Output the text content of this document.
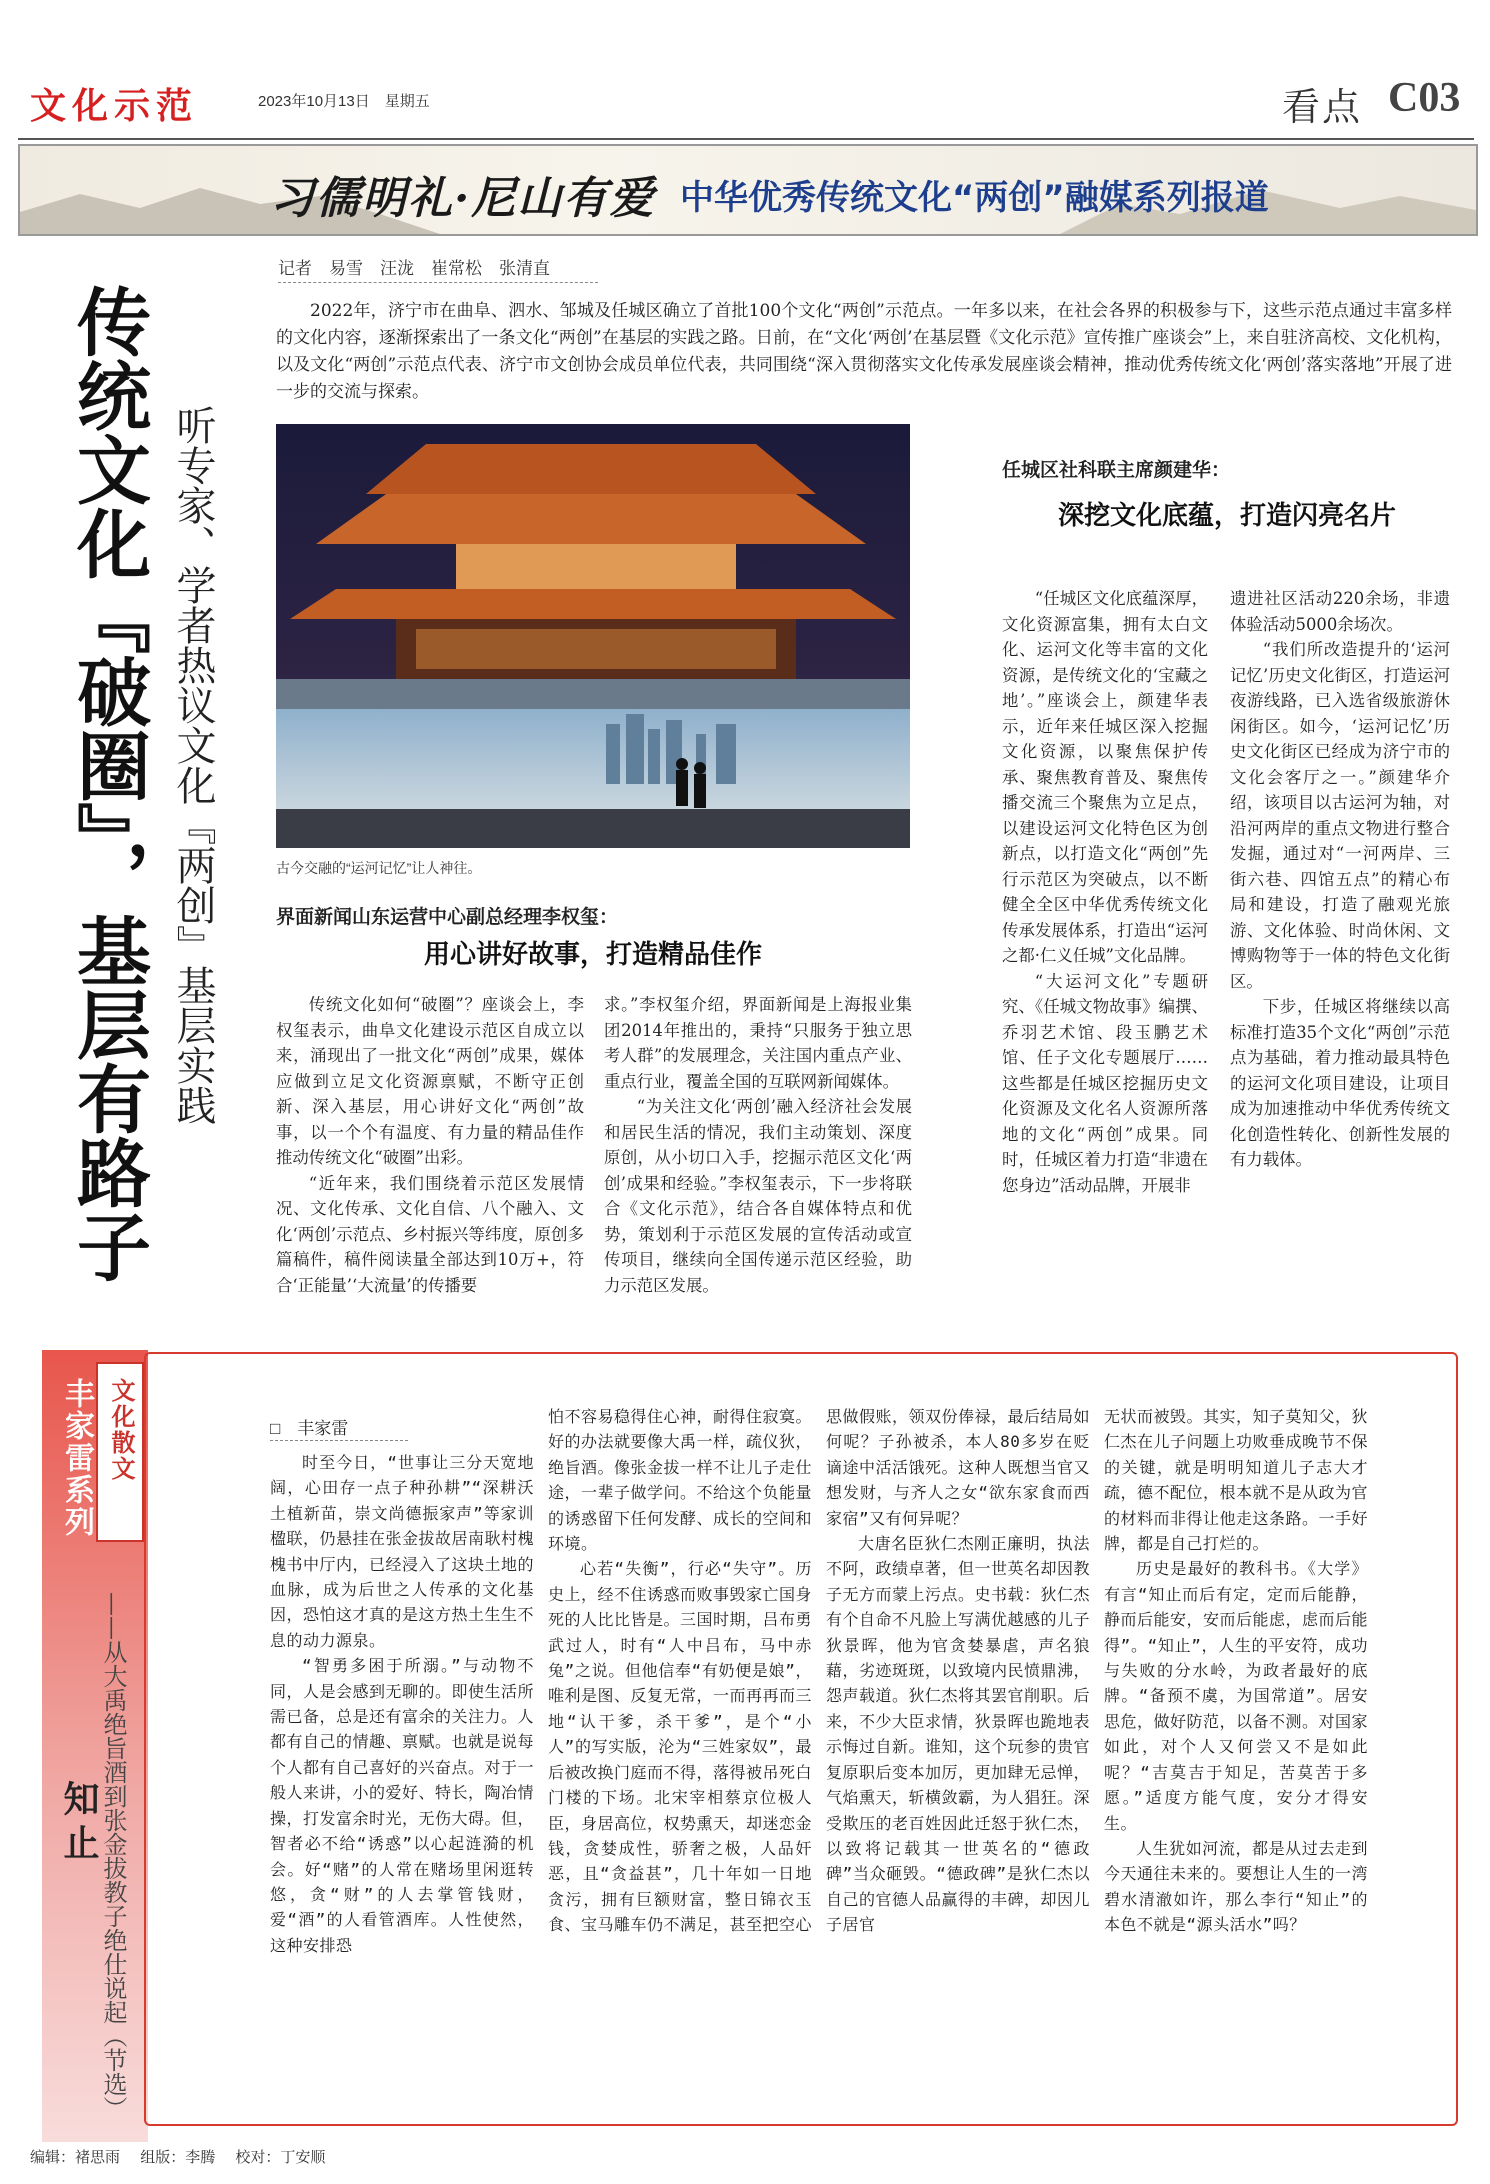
文化示范	2023年10月13日　星期五	看点 C03
习儒明礼·尼山有爱 中华优秀传统文化“两创”融媒系列报道
传统文化『破圈』，基层有路子 听专家、学者热议文化『两创』基层实践
记者　易雪　汪泷　崔常松　张清直
2022年，济宁市在曲阜、泗水、邹城及任城区确立了首批100个文化“两创”示范点。一年多以来，在社会各界的积极参与下，这些示范点通过丰富多样的文化内容，逐渐探索出了一条文化“两创”在基层的实践之路。日前，在“文化‘两创’在基层暨《文化示范》宣传推广座谈会”上，来自驻济高校、文化机构，以及文化“两创”示范点代表、济宁市文创协会成员单位代表，共同围绕“深入贯彻落实文化传承发展座谈会精神，推动优秀传统文化‘两创’落实落地”开展了进一步的交流与探索。
古今交融的“运河记忆”让人神往。
界面新闻山东运营中心副总经理李权玺：
用心讲好故事，打造精品佳作

传统文化如何“破圈”？座谈会上，李权玺表示，曲阜文化建设示范区自成立以来，涌现出了一批文化“两创”成果，媒体应做到立足文化资源禀赋，不断守正创新、深入基层，用心讲好文化“两创”故事，以一个个有温度、有力量的精品佳作推动传统文化“破圈”出彩。

“近年来，我们围绕着示范区发展情况、文化传承、文化自信、八个融入、文化‘两创’示范点、乡村振兴等纬度，原创多篇稿件，稿件阅读量全部达到10万+，符合‘正能量’‘大流量’的传播要

求。”李权玺介绍，界面新闻是上海报业集团2014年推出的，秉持“只服务于独立思考人群”的发展理念，关注国内重点产业、重点行业，覆盖全国的互联网新闻媒体。

“为关注文化‘两创’融入经济社会发展和居民生活的情况，我们主动策划、深度原创，从小切口入手，挖掘示范区文化‘两创’成果和经验。”李权玺表示，下一步将联合《文化示范》，结合各自媒体特点和优势，策划利于示范区发展的宣传活动或宣传项目，继续向全国传递示范区经验，助力示范区发展。

任城区社科联主席颜建华：
深挖文化底蕴，打造闪亮名片

“任城区文化底蕴深厚，文化资源富集，拥有太白文化、运河文化等丰富的文化资源，是传统文化的‘宝藏之地’。”座谈会上，颜建华表示，近年来任城区深入挖掘文化资源，以聚焦保护传承、聚焦教育普及、聚焦传播交流三个聚焦为立足点，以建设运河文化特色区为创新点，以打造文化“两创”先行示范区为突破点，以不断健全全区中华优秀传统文化传承发展体系，打造出“运河之都·仁义任城”文化品牌。

“大运河文化”专题研究、《任城文物故事》编撰、乔羽艺术馆、段玉鹏艺术馆、任子文化专题展厅……这些都是任城区挖掘历史文化资源及文化名人资源所落地的文化“两创”成果。同时，任城区着力打造“非遗在您身边”活动品牌，开展非

遗进社区活动220余场，非遗体验活动5000余场次。

“我们所改造提升的‘运河记忆’历史文化街区，打造运河夜游线路，已入选省级旅游休闲街区。如今，‘运河记忆’历史文化街区已经成为济宁市的文化会客厅之一。”颜建华介绍，该项目以古运河为轴，对沿河两岸的重点文物进行整合发掘，通过对“一河两岸、三街六巷、四馆五点”的精心布局和建设，打造了融观光旅游、文化体验、时尚休闲、文博购物等于一体的特色文化街区。

下步，任城区将继续以高标准打造35个文化“两创”示范点为基础，着力推动最具特色的运河文化项目建设，让项目成为加速推动中华优秀传统文化创造性转化、创新性发展的有力载体。

丰家雷系列 文化散文
——从大禹绝旨酒到张金拔教子绝仕说起（节选）
知止
□　丰家雷

时至今日，“世事让三分天宽地阔，心田存一点子种孙耕”“深耕沃土植新苗，崇文尚德振家声”等家训楹联，仍悬挂在张金拔故居南耿村槐槐书中厅内，已经浸入了这块土地的血脉，成为后世之人传承的文化基因，恐怕这才真的是这方热土生生不息的动力源泉。

“智勇多困于所溺。”与动物不同，人是会感到无聊的。即使生活所需已备，总是还有富余的关注力。人都有自己的情趣、禀赋。也就是说每个人都有自己喜好的兴奋点。对于一般人来讲，小的爱好、特长，陶冶情操，打发富余时光，无伤大碍。但，智者必不给“诱惑”以心起涟漪的机会。好“赌”的人常在赌场里闲逛转悠，贪“财”的人去掌管钱财，爱“酒”的人看管酒库。人性使然，这种安排恐

怕不容易稳得住心神，耐得住寂寞。好的办法就要像大禹一样，疏仪狄，绝旨酒。像张金拔一样不让儿子走仕途，一辈子做学问。不给这个负能量的诱惑留下任何发酵、成长的空间和环境。

心若“失衡”，行必“失守”。历史上，经不住诱惑而败事毁家亡国身死的人比比皆是。三国时期，吕布勇武过人，时有“人中吕布，马中赤兔”之说。但他信奉“有奶便是娘”，唯利是图、反复无常，一而再再而三地“认干爹，杀干爹”，是个“小人”的写实版，沦为“三姓家奴”，最后被改换门庭而不得，落得被吊死白门楼的下场。北宋宰相蔡京位极人臣，身居高位，权势熏天，却迷恋金钱，贪婪成性，骄奢之极，人品奸恶，且“贪益甚”，几十年如一日地贪污，拥有巨额财富，整日锦衣玉食、宝马雕车仍不满足，甚至把空心

思做假账，领双份俸禄，最后结局如何呢？子孙被杀，本人80多岁在贬谪途中活活饿死。这种人既想当官又想发财，与齐人之女“欲东家食而西家宿”又有何异呢？

大唐名臣狄仁杰刚正廉明，执法不阿，政绩卓著，但一世英名却因教子无方而蒙上污点。史书载：狄仁杰有个自命不凡脸上写满优越感的儿子狄景晖，他为官贪婪暴虐，声名狼藉，劣迹斑斑，以致境内民愤鼎沸，怨声载道。狄仁杰将其罢官削职。后来，不少大臣求情，狄景晖也跪地表示悔过自新。谁知，这个玩参的贵官复原职后变本加厉，更加肆无忌惮，气焰熏天，斩横敛霸，为人猖狂。深受欺压的老百姓因此迁怒于狄仁杰，以致将记载其一世英名的“德政碑”当众砸毁。“德政碑”是狄仁杰以自己的官德人品赢得的丰碑，却因儿子居官

无状而被毁。其实，知子莫知父，狄仁杰在儿子问题上功败垂成晚节不保的关键，就是明明知道儿子志大才疏，德不配位，根本就不是从政为官的材料而非得让他走这条路。一手好牌，都是自己打烂的。

历史是最好的教科书。《大学》有言“知止而后有定，定而后能静，静而后能安，安而后能虑，虑而后能得”。“知止”，人生的平安符，成功与失败的分水岭，为政者最好的底牌。“备预不虞，为国常道”。居安思危，做好防范，以备不测。对国家如此，对个人又何尝又不是如此呢？“吉莫吉于知足，苦莫苦于多愿。”适度方能气度，安分才得安生。

人生犹如河流，都是从过去走到今天通往未来的。要想让人生的一湾碧水清澈如许，那么李行“知止”的本色不就是“源头活水”吗？

编辑：褚思雨 组版：李腾 校对：丁安顺
